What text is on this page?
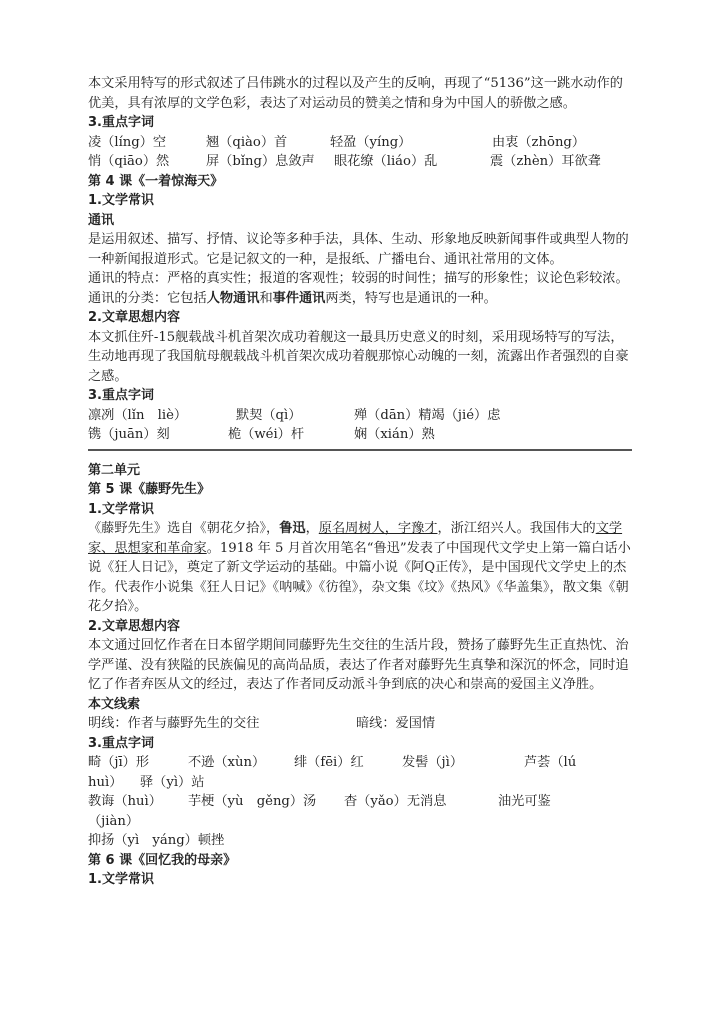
本文采用特写的形式叙述了吕伟跳水的过程以及产生的反响，再现了“5136”这一跳水动作的优美，具有浓厚的文学色彩，表达了对运动员的赞美之情和身为中国人的骄傲之感。

3.重点字词

凌（líng）空	翘（qiào）首	轻盈（yíng）	由衷（zhōng）
悄（qiāo）然	屏（bǐng）息敛声	眼花缭（liáo）乱	震（zhèn）耳欲聋

第 4 课《一着惊海天》

1.文学常识

通讯

是运用叙述、描写、抒情、议论等多种手法，具体、生动、形象地反映新闻事件或典型人物的一种新闻报道形式。它是记叙文的一种，是报纸、广播电台、通讯社常用的文体。

通讯的特点：严格的真实性；报道的客观性；较弱的时间性；描写的形象性；议论色彩较浓。

通讯的分类：它包括人物通讯和事件通讯两类，特写也是通讯的一种。

2.文章思想内容

本文抓住歼-15舰载战斗机首架次成功着舰这一最具历史意义的时刻，采用现场特写的写法，生动地再现了我国航母舰载战斗机首架次成功着舰那惊心动魄的一刻，流露出作者强烈的自豪之感。

3.重点字词

凛冽（lǐn　liè）	默契（qì）	殚（dān）精竭（jié）虑
镌（juān）刻	桅（wéi）杆	娴（xián）熟

第二单元

第 5 课《藤野先生》

1.文学常识

《藤野先生》选自《朝花夕拾》，鲁迅，原名周树人，字豫才，浙江绍兴人。我国伟大的文学家、思想家和革命家。1918 年 5 月首次用笔名“鲁迅”发表了中国现代文学史上第一篇白话小说《狂人日记》，奠定了新文学运动的基础。中篇小说《阿Q正传》，是中国现代文学史上的杰作。代表作小说集《狂人日记》《呐喊》《彷徨》，杂文集《坟》《热风》《华盖集》，散文集《朝花夕拾》。

2.文章思想内容

本文通过回忆作者在日本留学期间同藤野先生交往的生活片段，赞扬了藤野先生正直热忱、治学严谨、没有狭隘的民族偏见的高尚品质，表达了作者对藤野先生真挚和深沉的怀念，同时追忆了作者弃医从文的经过，表达了作者同反动派斗争到底的决心和崇高的爱国主义净胜。

本文线索

明线：作者与藤野先生的交往	暗线：爱国情

3.重点字词

畸（jī）形	不逊（xùn）	绯（fēi）红	发髻（jì）	芦荟（lú
huì）	驿（yì）站
教诲（huì）	芋梗（yù　gěng）汤	杳（yǎo）无消息	油光可鉴

（jiàn）

抑扬（yì　yáng）顿挫

第 6 课《回忆我的母亲》

1.文学常识
